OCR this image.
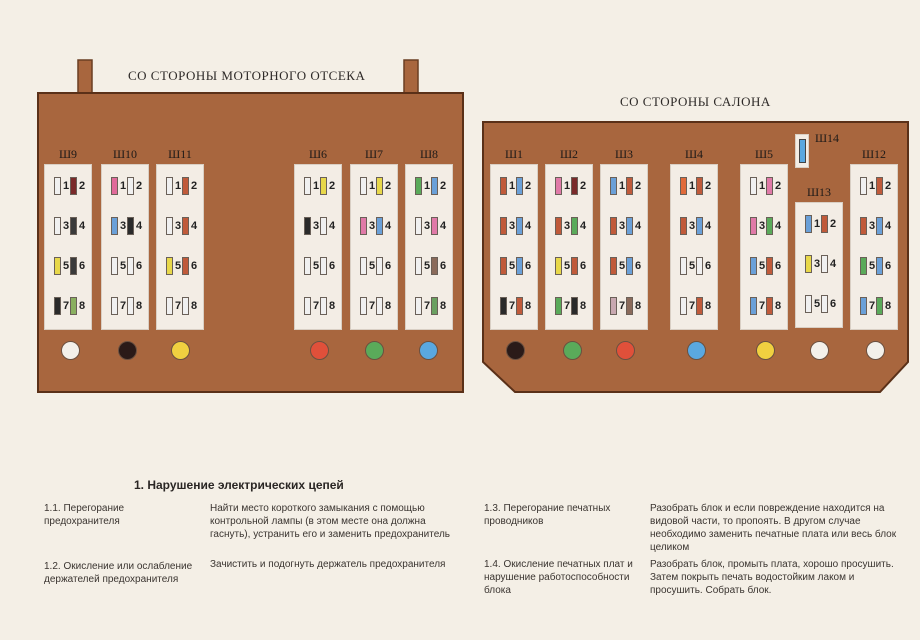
СО СТОРОНЫ МОТОРНОГО ОТСЕКА
СО СТОРОНЫ САЛОНА
Ш9
1 2
3 4
5 6
7 8
Ш10
1 2
3 4
5 6
7 8
Ш11
1 2
3 4
5 6
7 8
Ш6
1 2
3 4
5 6
7 8
Ш7
1 2
3 4
5 6
7 8
Ш8
1 2
3 4
5 6
7 8
Ш1
1 2
3 4
5 6
7 8
Ш2
1 2
3 4
5 6
7 8
Ш3
1 2
3 4
5 6
7 8
Ш4
1 2
3 4
5 6
7 8
Ш5
1 2
3 4
5 6
7 8
Ш13
1 2
3 4
5 6
Ш12
1 2
3 4
5 6
7 8
Ш14
1. Нарушение электрических цепей
1.1. Перегорание предохранителя
Найти место короткого замыкания с помощью контрольной лампы (в этом месте она должна гаснуть), устранить его и заменить предохранитель
1.2. Окисление или ослабление держателей предохранителя
Зачистить и подогнуть держатель предохранителя
1.3. Перегорание печатных проводников
Разобрать блок и если повреждение находится на видовой части, то пропоять. В другом случае необходимо заменить печатные плата или весь блок целиком
1.4. Окисление печатных плат и нарушение работоспособности блока
Разобрать блок, промыть плата, хорошо просушить. Затем покрыть печать водостойким лаком и просушить. Собрать блок.
